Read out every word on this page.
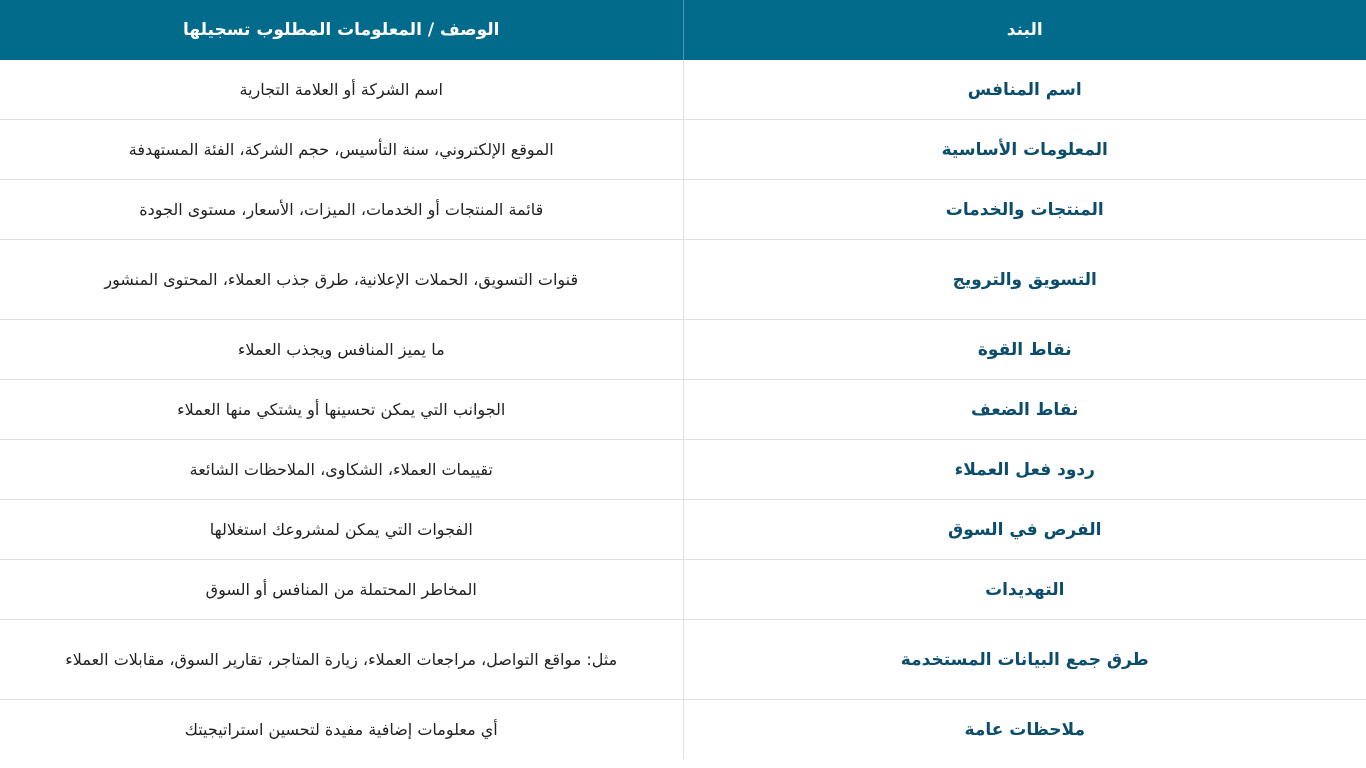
البند	الوصف / المعلومات المطلوب تسجيلها
اسم المنافس	اسم الشركة أو العلامة التجارية
المعلومات الأساسية	الموقع الإلكتروني، سنة التأسيس، حجم الشركة، الفئة المستهدفة
المنتجات والخدمات	قائمة المنتجات أو الخدمات، الميزات، الأسعار، مستوى الجودة
التسويق والترويج	قنوات التسويق، الحملات الإعلانية، طرق جذب العملاء، المحتوى المنشور
نقاط القوة	ما يميز المنافس ويجذب العملاء
نقاط الضعف	الجوانب التي يمكن تحسينها أو يشتكي منها العملاء
ردود فعل العملاء	تقييمات العملاء، الشكاوى، الملاحظات الشائعة
الفرص في السوق	الفجوات التي يمكن لمشروعك استغلالها
التهديدات	المخاطر المحتملة من المنافس أو السوق
طرق جمع البيانات المستخدمة	مثل: مواقع التواصل، مراجعات العملاء، زيارة المتاجر، تقارير السوق، مقابلات العملاء
ملاحظات عامة	أي معلومات إضافية مفيدة لتحسين استراتيجيتك
